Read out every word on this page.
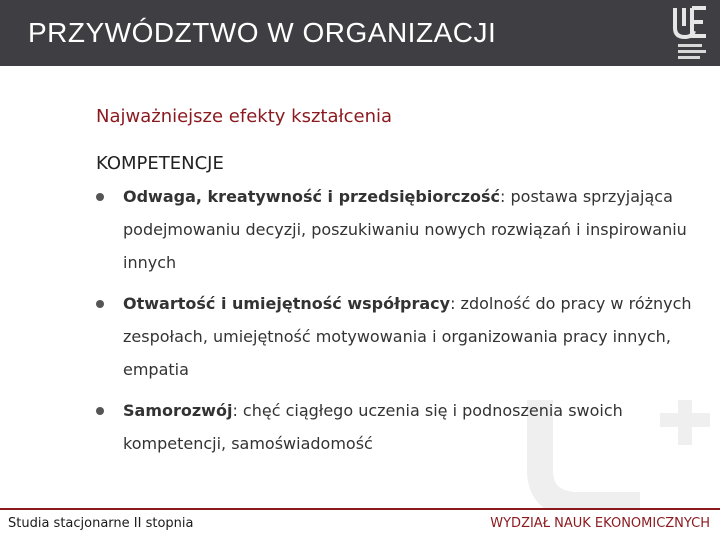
PRZYWÓDZTWO W ORGANIZACJI
Najważniejsze efekty kształcenia
KOMPETENCJE
Odwaga, kreatywność i przedsiębiorczość: postawa sprzyjająca podejmowaniu decyzji, poszukiwaniu nowych rozwiązań i inspirowaniu innych
Otwartość i umiejętność współpracy: zdolność do pracy w różnych zespołach, umiejętność motywowania i organizowania pracy innych, empatia
Samorozwój: chęć ciągłego uczenia się i podnoszenia swoich kompetencji, samoświadomość
Studia stacjonarne II stopnia	WYDZIAŁ NAUK EKONOMICZNYCH
